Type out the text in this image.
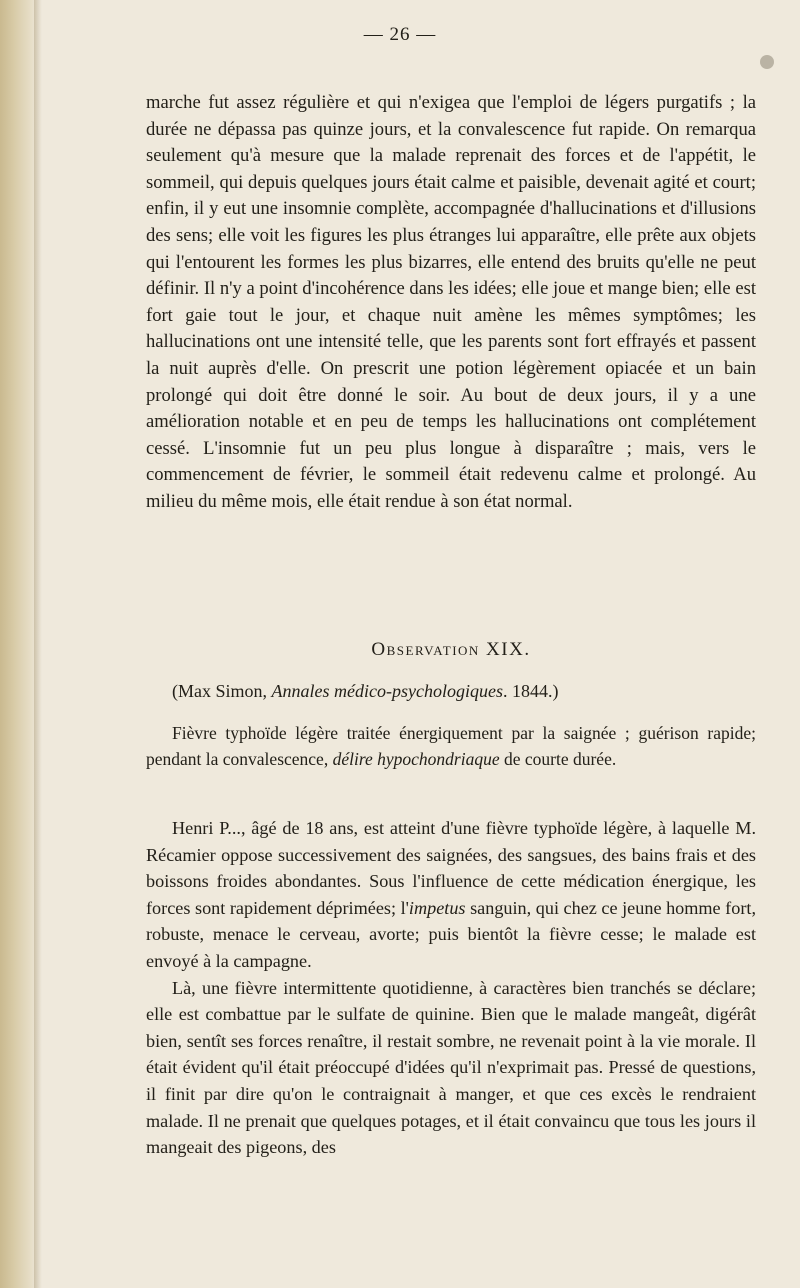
— 26 —

marche fut assez régulière et qui n'exigea que l'emploi de légers purgatifs ; la durée ne dépassa pas quinze jours, et la convalescence fut rapide. On remarqua seulement qu'à mesure que la malade reprenait des forces et de l'appétit, le sommeil, qui depuis quelques jours était calme et paisible, devenait agité et court; enfin, il y eut une insomnie complète, accompagnée d'hallucinations et d'illusions des sens; elle voit les figures les plus étranges lui apparaître, elle prête aux objets qui l'entourent les formes les plus bizarres, elle entend des bruits qu'elle ne peut définir. Il n'y a point d'incohérence dans les idées; elle joue et mange bien; elle est fort gaie tout le jour, et chaque nuit amène les mêmes symptômes; les hallucinations ont une intensité telle, que les parents sont fort effrayés et passent la nuit auprès d'elle. On prescrit une potion légèrement opiacée et un bain prolongé qui doit être donné le soir. Au bout de deux jours, il y a une amélioration notable et en peu de temps les hallucinations ont complétement cessé. L'insomnie fut un peu plus longue à disparaître ; mais, vers le commencement de février, le sommeil était redevenu calme et prolongé. Au milieu du même mois, elle était rendue à son état normal.

Observation XIX.
(Max Simon, Annales médico-psychologiques. 1844.)

Fièvre typhoïde légère traitée énergiquement par la saignée ; guérison rapide; pendant la convalescence, délire hypochondriaque de courte durée.

Henri P..., âgé de 18 ans, est atteint d'une fièvre typhoïde légère, à laquelle M. Récamier oppose successivement des saignées, des sangsues, des bains frais et des boissons froides abondantes. Sous l'influence de cette médication énergique, les forces sont rapidement déprimées; l'impetus sanguin, qui chez ce jeune homme fort, robuste, menace le cerveau, avorte; puis bientôt la fièvre cesse; le malade est envoyé à la campagne.

Là, une fièvre intermittente quotidienne, à caractères bien tranchés se déclare; elle est combattue par le sulfate de quinine. Bien que le malade mangeât, digérât bien, sentît ses forces renaître, il restait sombre, ne revenait point à la vie morale. Il était évident qu'il était préoccupé d'idées qu'il n'exprimait pas. Pressé de questions, il finit par dire qu'on le contraignait à manger, et que ces excès le rendraient malade. Il ne prenait que quelques potages, et il était convaincu que tous les jours il mangeait des pigeons, des
